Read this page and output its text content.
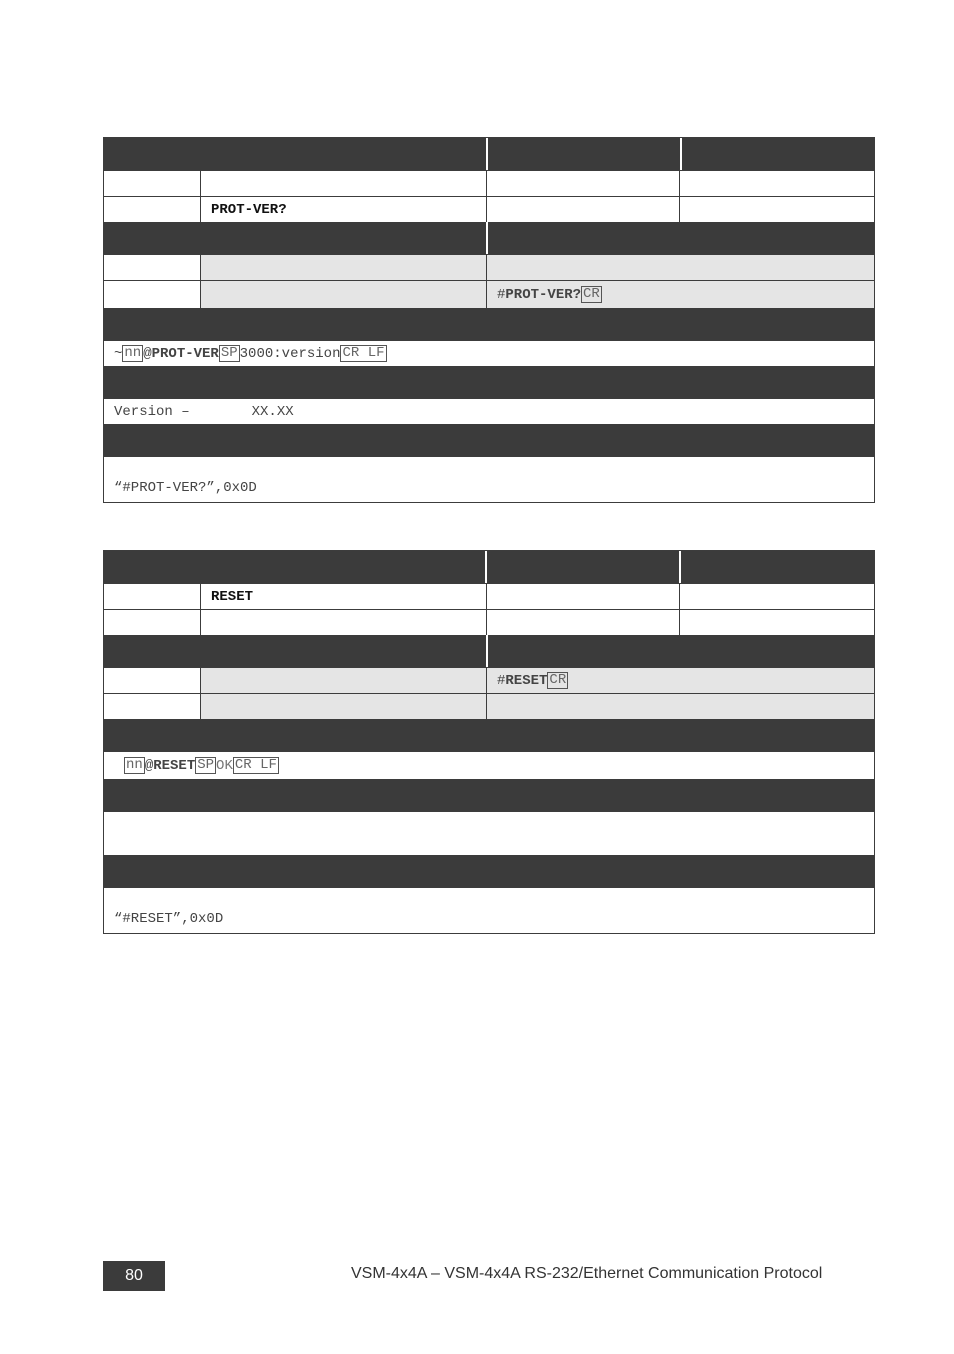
PROT-VER?
# PROT-VER? CR
~ nn @ PROT-VER SP 3000:version CR LF
Version –	XX.XX
“#PROT-VER?”,0x0D
RESET
# RESET CR
nn @ RESET SP OK CR LF
“#RESET”,0x0D
80	VSM-4x4A – VSM-4x4A RS-232/Ethernet Communication Protocol
